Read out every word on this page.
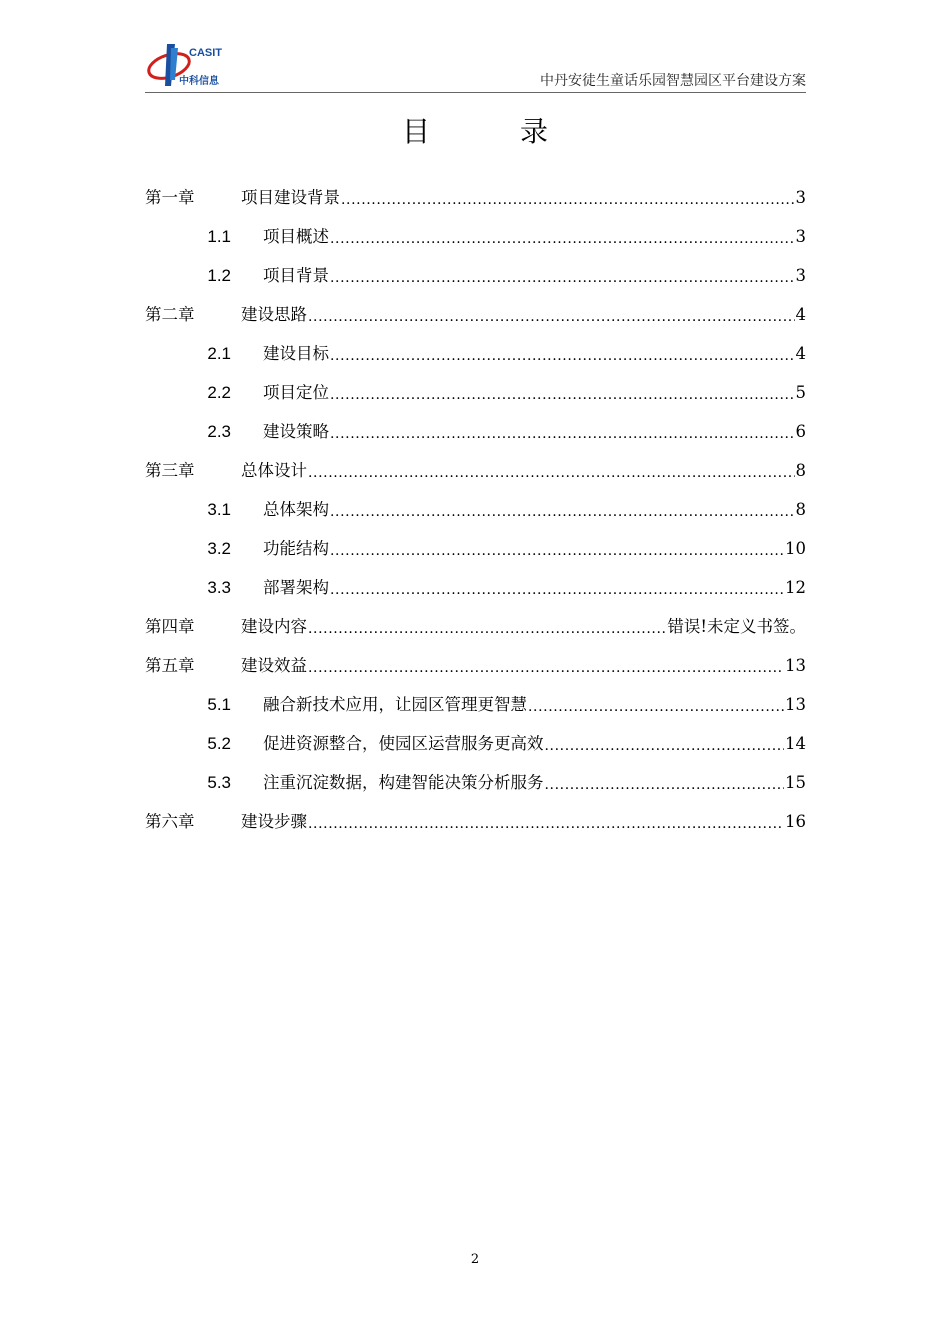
CASIT
中科信息	中丹安徒生童话乐园智慧园区平台建设方案
目	录
第一章	项目建设背景 .....	3
1.1 项目概述 .....	3
1.2 项目背景 .....	3
第二章	建设思路 .....	4
2.1 建设目标 .....	4
2.2 项目定位 .....	5
2.3 建设策略 .....	6
第三章	总体设计 .....	8
3.1 总体架构 .....	8
3.2 功能结构 .....	10
3.3 部署架构 .....	12
第四章	建设内容 .....	错误!未定义书签。
第五章	建设效益 .....	13
5.1 融合新技术应用，让园区管理更智慧 .....	13
5.2 促进资源整合，使园区运营服务更高效 .....	14
5.3 注重沉淀数据，构建智能决策分析服务 .....	15
第六章	建设步骤 .....	16
2
